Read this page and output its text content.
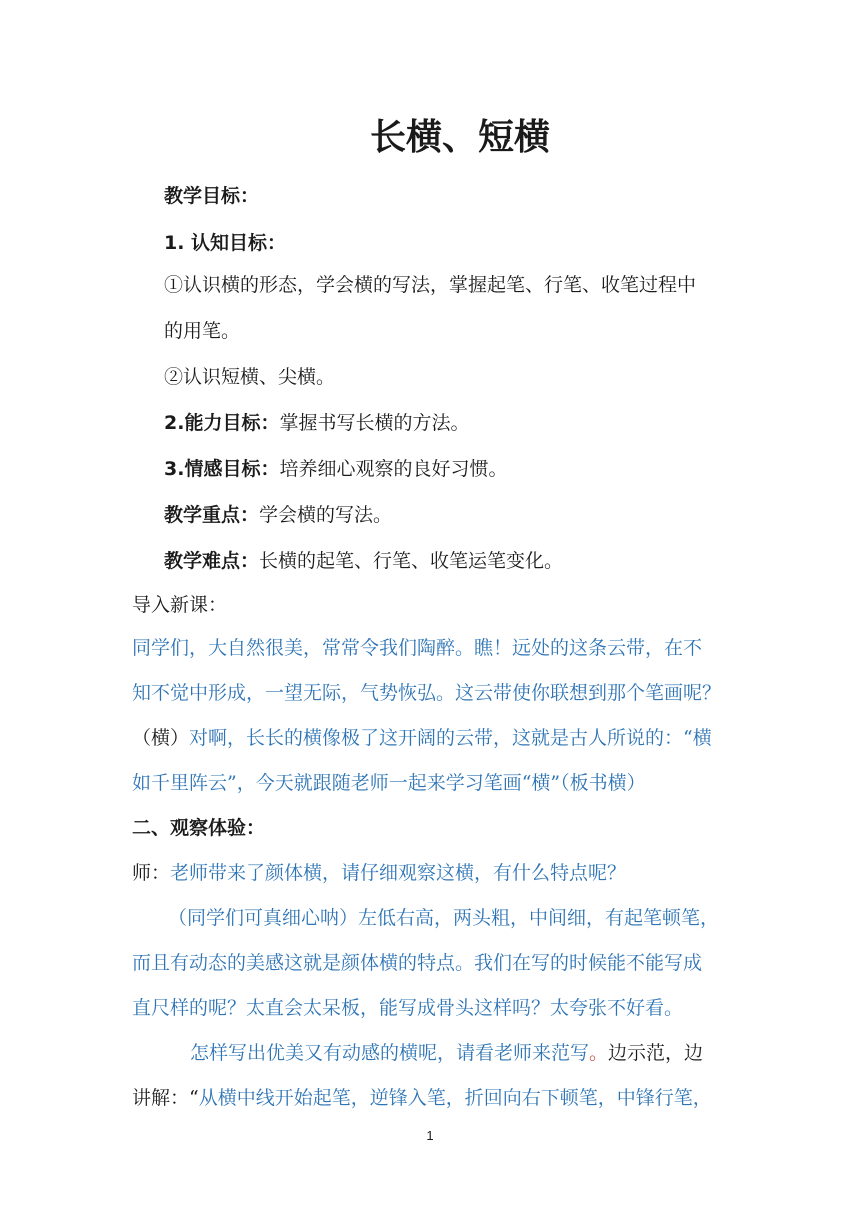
长横、短横
教学目标：
1. 认知目标：
①认识横的形态，学会横的写法，掌握起笔、行笔、收笔过程中
的用笔。
②认识短横、尖横。
2.能力目标：掌握书写长横的方法。
3.情感目标：培养细心观察的良好习惯。
教学重点：学会横的写法。
教学难点：长横的起笔、行笔、收笔运笔变化。
导入新课：
同学们，大自然很美，常常令我们陶醉。瞧！远处的这条云带，在不
知不觉中形成，一望无际，气势恢弘。这云带使你联想到那个笔画呢？
（横）对啊，长长的横像极了这开阔的云带，这就是古人所说的：“横
如千里阵云”，今天就跟随老师一起来学习笔画“横”（板书横）
二、观察体验：
师：老师带来了颜体横，请仔细观察这横，有什么特点呢？
（同学们可真细心呐）左低右高，两头粗，中间细，有起笔顿笔，
而且有动态的美感这就是颜体横的特点。我们在写的时候能不能写成
直尺样的呢？太直会太呆板，能写成骨头这样吗？太夸张不好看。
怎样写出优美又有动感的横呢，请看老师来范写。边示范，边
讲解：“从横中线开始起笔，逆锋入笔，折回向右下顿笔，中锋行笔，
1
